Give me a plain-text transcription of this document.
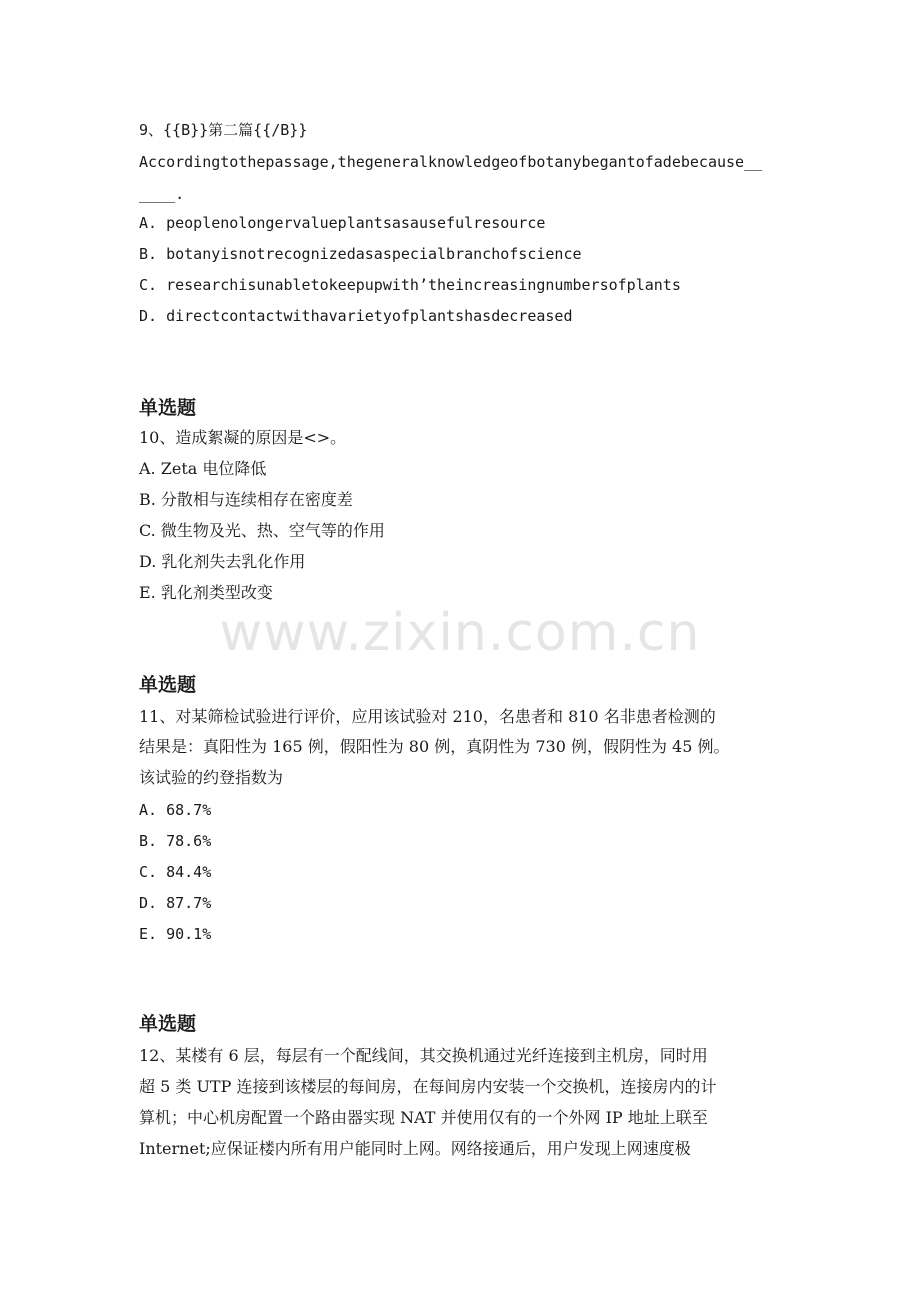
9、{{B}}第二篇{{/B}}
Accordingtothepassage,thegeneralknowledgeofbotanybegantofadebecause__
____.
A. peoplenolongervalueplantsasausefulresource
B. botanyisnotrecognizedasaspecialbranchofscience
C. researchisunabletokeepupwith’theincreasingnumbersofplants
D. directcontactwithavarietyofplantshasdecreased
单选题
10、造成絮凝的原因是<>。
A. Zeta 电位降低
B. 分散相与连续相存在密度差
C. 微生物及光、热、空气等的作用
D. 乳化剂失去乳化作用
E. 乳化剂类型改变
www.zixin.com.cn
单选题
11、对某筛检试验进行评价，应用该试验对 210，名患者和 810 名非患者检测的
结果是：真阳性为 165 例，假阳性为 80 例，真阴性为 730 例，假阴性为 45 例。
该试验的约登指数为
A. 68.7%
B. 78.6%
C. 84.4%
D. 87.7%
E. 90.1%
单选题
12、某楼有 6 层，每层有一个配线间，其交换机通过光纤连接到主机房，同时用
超 5 类 UTP 连接到该楼层的每间房，在每间房内安装一个交换机，连接房内的计
算机；中心机房配置一个路由器实现 NAT 并使用仅有的一个外网 IP 地址上联至
Internet;应保证楼内所有用户能同时上网。网络接通后，用户发现上网速度极
